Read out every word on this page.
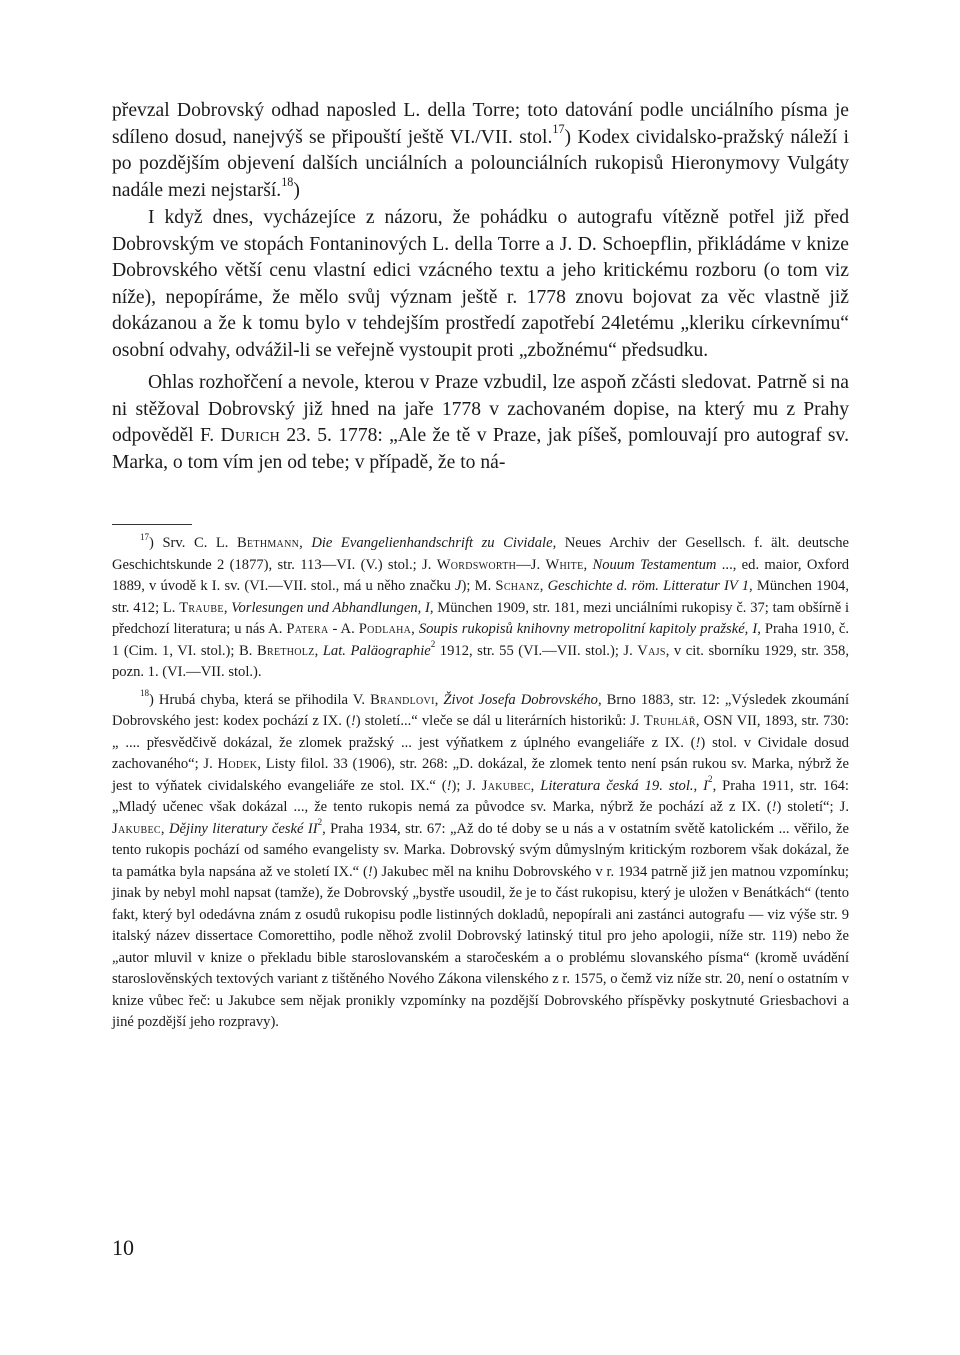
převzal Dobrovský odhad naposled L. della Torre; toto datování podle unciálního písma je sdíleno dosud, nanejvýš se připouští ještě VI./VII. stol.$^{17}$) Kodex cividalsko-pražský náleží i po pozdějším objevení dalších unciálních a polounciálních rukopisů Hieronymovy Vulgáty nadále mezi nejstarší.$^{18}$)

I když dnes, vycházejíce z názoru, že pohádku o autografu vítězně potřel již před Dobrovským ve stopách Fontaninových L. della Torre a J. D. Schoepflin, přikládáme v knize Dobrovského větší cenu vlastní edici vzácného textu a jeho kritickému rozboru (o tom viz níže), nepopíráme, že mělo svůj význam ještě r. 1778 znovu bojovat za věc vlastně již dokázanou a že k tomu bylo v tehdejším prostředí zapotřebí 24letému „kleriku církevnímu“ osobní odvahy, odvážil-li se veřejně vystoupit proti „zbožnému“ předsudku.

Ohlas rozhořčení a nevole, kterou v Praze vzbudil, lze aspoň zčásti sledovat. Patrně si na ni stěžoval Dobrovský již hned na jaře 1778 v zachovaném dopise, na který mu z Prahy odpověděl F. Durich 23. 5. 1778: „Ale že tě v Praze, jak píšeš, pomlouvají pro autograf sv. Marka, o tom vím jen od tebe; v případě, že to ná-

$^{17}$) Srv. C. L. Bethmann, Die Evangelienhandschrift zu Cividale, Neues Archiv der Gesellsch. f. ält. deutsche Geschichtskunde 2 (1877), str. 113—VI. (V.) stol.; J. Wordsworth—J. White, Nouum Testamentum ..., ed. maior, Oxford 1889, v úvodě k I. sv. (VI.—VII. stol., má u něho značku J); M. Schanz, Geschichte d. röm. Litteratur IV 1, München 1904, str. 412; L. Traube, Vorlesungen und Abhandlungen, I, München 1909, str. 181, mezi unciálními rukopisy č. 37; tam obšírně i předchozí literatura; u nás A. Patera - A. Podlaha, Soupis rukopisů knihovny metropolitní kapitoly pražské, I, Praha 1910, č. 1 (Cim. 1, VI. stol.); B. Bretholz, Lat. Paläographie$^2$ 1912, str. 55 (VI.—VII. stol.); J. Vajs, v cit. sborníku 1929, str. 358, pozn. 1. (VI.—VII. stol.).

$^{18}$) Hrubá chyba, která se přihodila V. Brandlovi, Život Josefa Dobrovského, Brno 1883, str. 12: „Výsledek zkoumání Dobrovského jest: kodex pochází z IX. (!) století...“ vleče se dál u literárních historiků: J. Truhlář, OSN VII, 1893, str. 730: „ .... přesvědčivě dokázal, že zlomek pražský ... jest výňatkem z úplného evangeliáře z IX. (!) stol. v Cividale dosud zachovaného“; J. Hodek, Listy filol. 33 (1906), str. 268: „D. dokázal, že zlomek tento není psán rukou sv. Marka, nýbrž že jest to výňatek cividalského evangeliáře ze stol. IX.“ (!); J. Jakubec, Literatura česká 19. stol., $I^2$, Praha 1911, str. 164: „Mladý učenec však dokázal ..., že tento rukopis nemá za původce sv. Marka, nýbrž že pochází až z IX. (!) století“; J. Jakubec, Dějiny literatury české $II^2$, Praha 1934, str. 67: „Až do té doby se u nás a v ostatním světě katolickém ... věřilo, že tento rukopis pochází od samého evangelisty sv. Marka. Dobrovský svým důmyslným kritickým rozborem však dokázal, že ta památka byla napsána až ve století IX.“ (!) Jakubec měl na knihu Dobrovského v r. 1934 patrně již jen matnou vzpomínku; jinak by nebyl mohl napsat (tamže), že Dobrovský „bystře usoudil, že je to část rukopisu, který je uložen v Benátkách“ (tento fakt, který byl odedávna znám z osudů rukopisu podle listinných dokladů, nepopírali ani zastánci autografu — viz výše str. 9 italský název dissertace Comorettiho, podle něhož zvolil Dobrovský latinský titul pro jeho apologii, níže str. 119) nebo že „autor mluvil v knize o překladu bible staroslovanském a staročeském a o problému slovanského písma“ (kromě uvádění staroslověnských textových variant z tištěného Nového Zákona vilenského z r. 1575, o čemž viz níže str. 20, není o ostatním v knize vůbec řeč: u Jakubce sem nějak pronikly vzpomínky na pozdější Dobrovského příspěvky poskytnuté Griesbachovi a jiné pozdější jeho rozpravy).

10
